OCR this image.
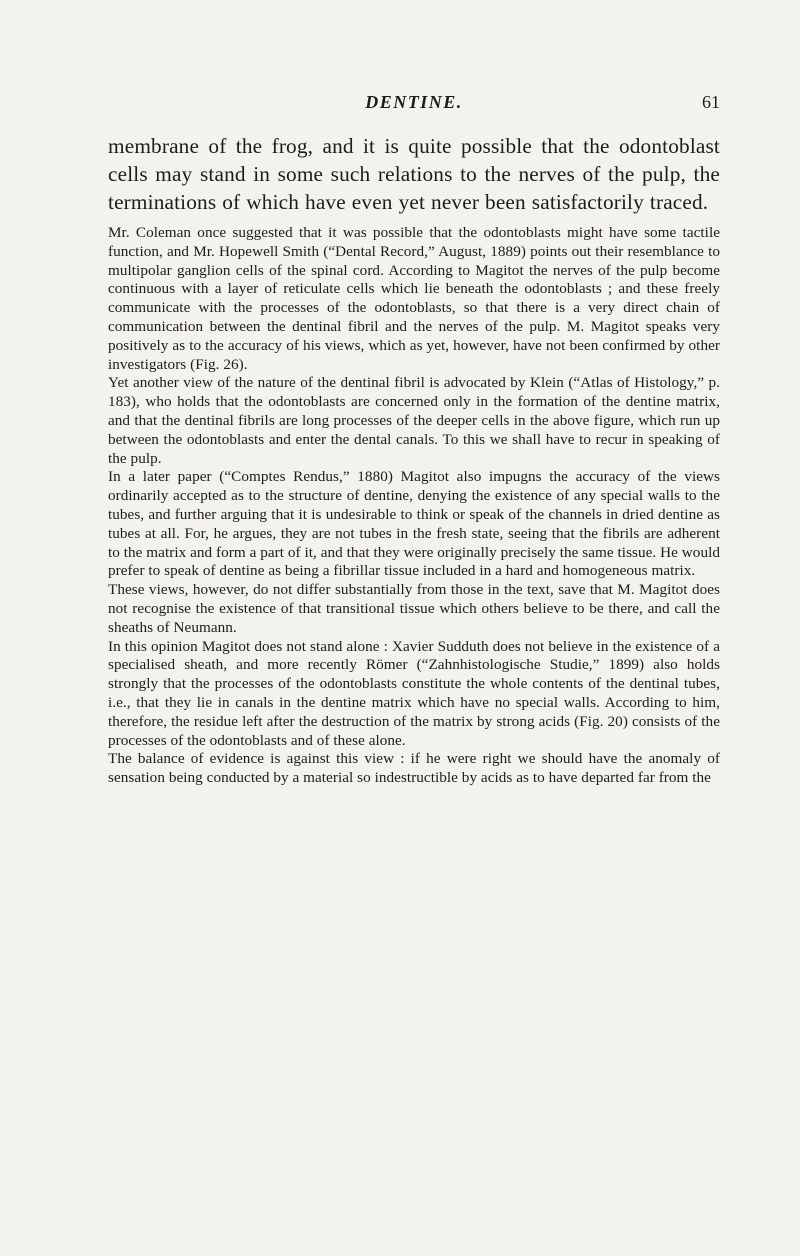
DENTINE.	61

membrane of the frog, and it is quite possible that the odontoblast cells may stand in some such relations to the nerves of the pulp, the terminations of which have even yet never been satisfactorily traced.

Mr. Coleman once suggested that it was possible that the odontoblasts might have some tactile function, and Mr. Hopewell Smith (“Dental Record,” August, 1889) points out their resemblance to multipolar ganglion cells of the spinal cord. According to Magitot the nerves of the pulp become continuous with a layer of reticulate cells which lie beneath the odontoblasts ; and these freely communicate with the processes of the odontoblasts, so that there is a very direct chain of communication between the dentinal fibril and the nerves of the pulp. M. Magitot speaks very positively as to the accuracy of his views, which as yet, however, have not been confirmed by other investigators (Fig. 26).

Yet another view of the nature of the dentinal fibril is advocated by Klein (“Atlas of Histology,” p. 183), who holds that the odontoblasts are concerned only in the formation of the dentine matrix, and that the dentinal fibrils are long processes of the deeper cells in the above figure, which run up between the odontoblasts and enter the dental canals. To this we shall have to recur in speaking of the pulp.

In a later paper (“Comptes Rendus,” 1880) Magitot also impugns the accuracy of the views ordinarily accepted as to the structure of dentine, denying the existence of any special walls to the tubes, and further arguing that it is undesirable to think or speak of the channels in dried dentine as tubes at all. For, he argues, they are not tubes in the fresh state, seeing that the fibrils are adherent to the matrix and form a part of it, and that they were originally precisely the same tissue. He would prefer to speak of dentine as being a fibrillar tissue included in a hard and homogeneous matrix.

These views, however, do not differ substantially from those in the text, save that M. Magitot does not recognise the existence of that transitional tissue which others believe to be there, and call the sheaths of Neumann.

In this opinion Magitot does not stand alone : Xavier Sudduth does not believe in the existence of a specialised sheath, and more recently Römer (“Zahnhistologische Studie,” 1899) also holds strongly that the processes of the odontoblasts constitute the whole contents of the dentinal tubes, i.e., that they lie in canals in the dentine matrix which have no special walls. According to him, therefore, the residue left after the destruction of the matrix by strong acids (Fig. 20) consists of the processes of the odontoblasts and of these alone.

The balance of evidence is against this view : if he were right we should have the anomaly of sensation being conducted by a material so indestructible by acids as to have departed far from the
